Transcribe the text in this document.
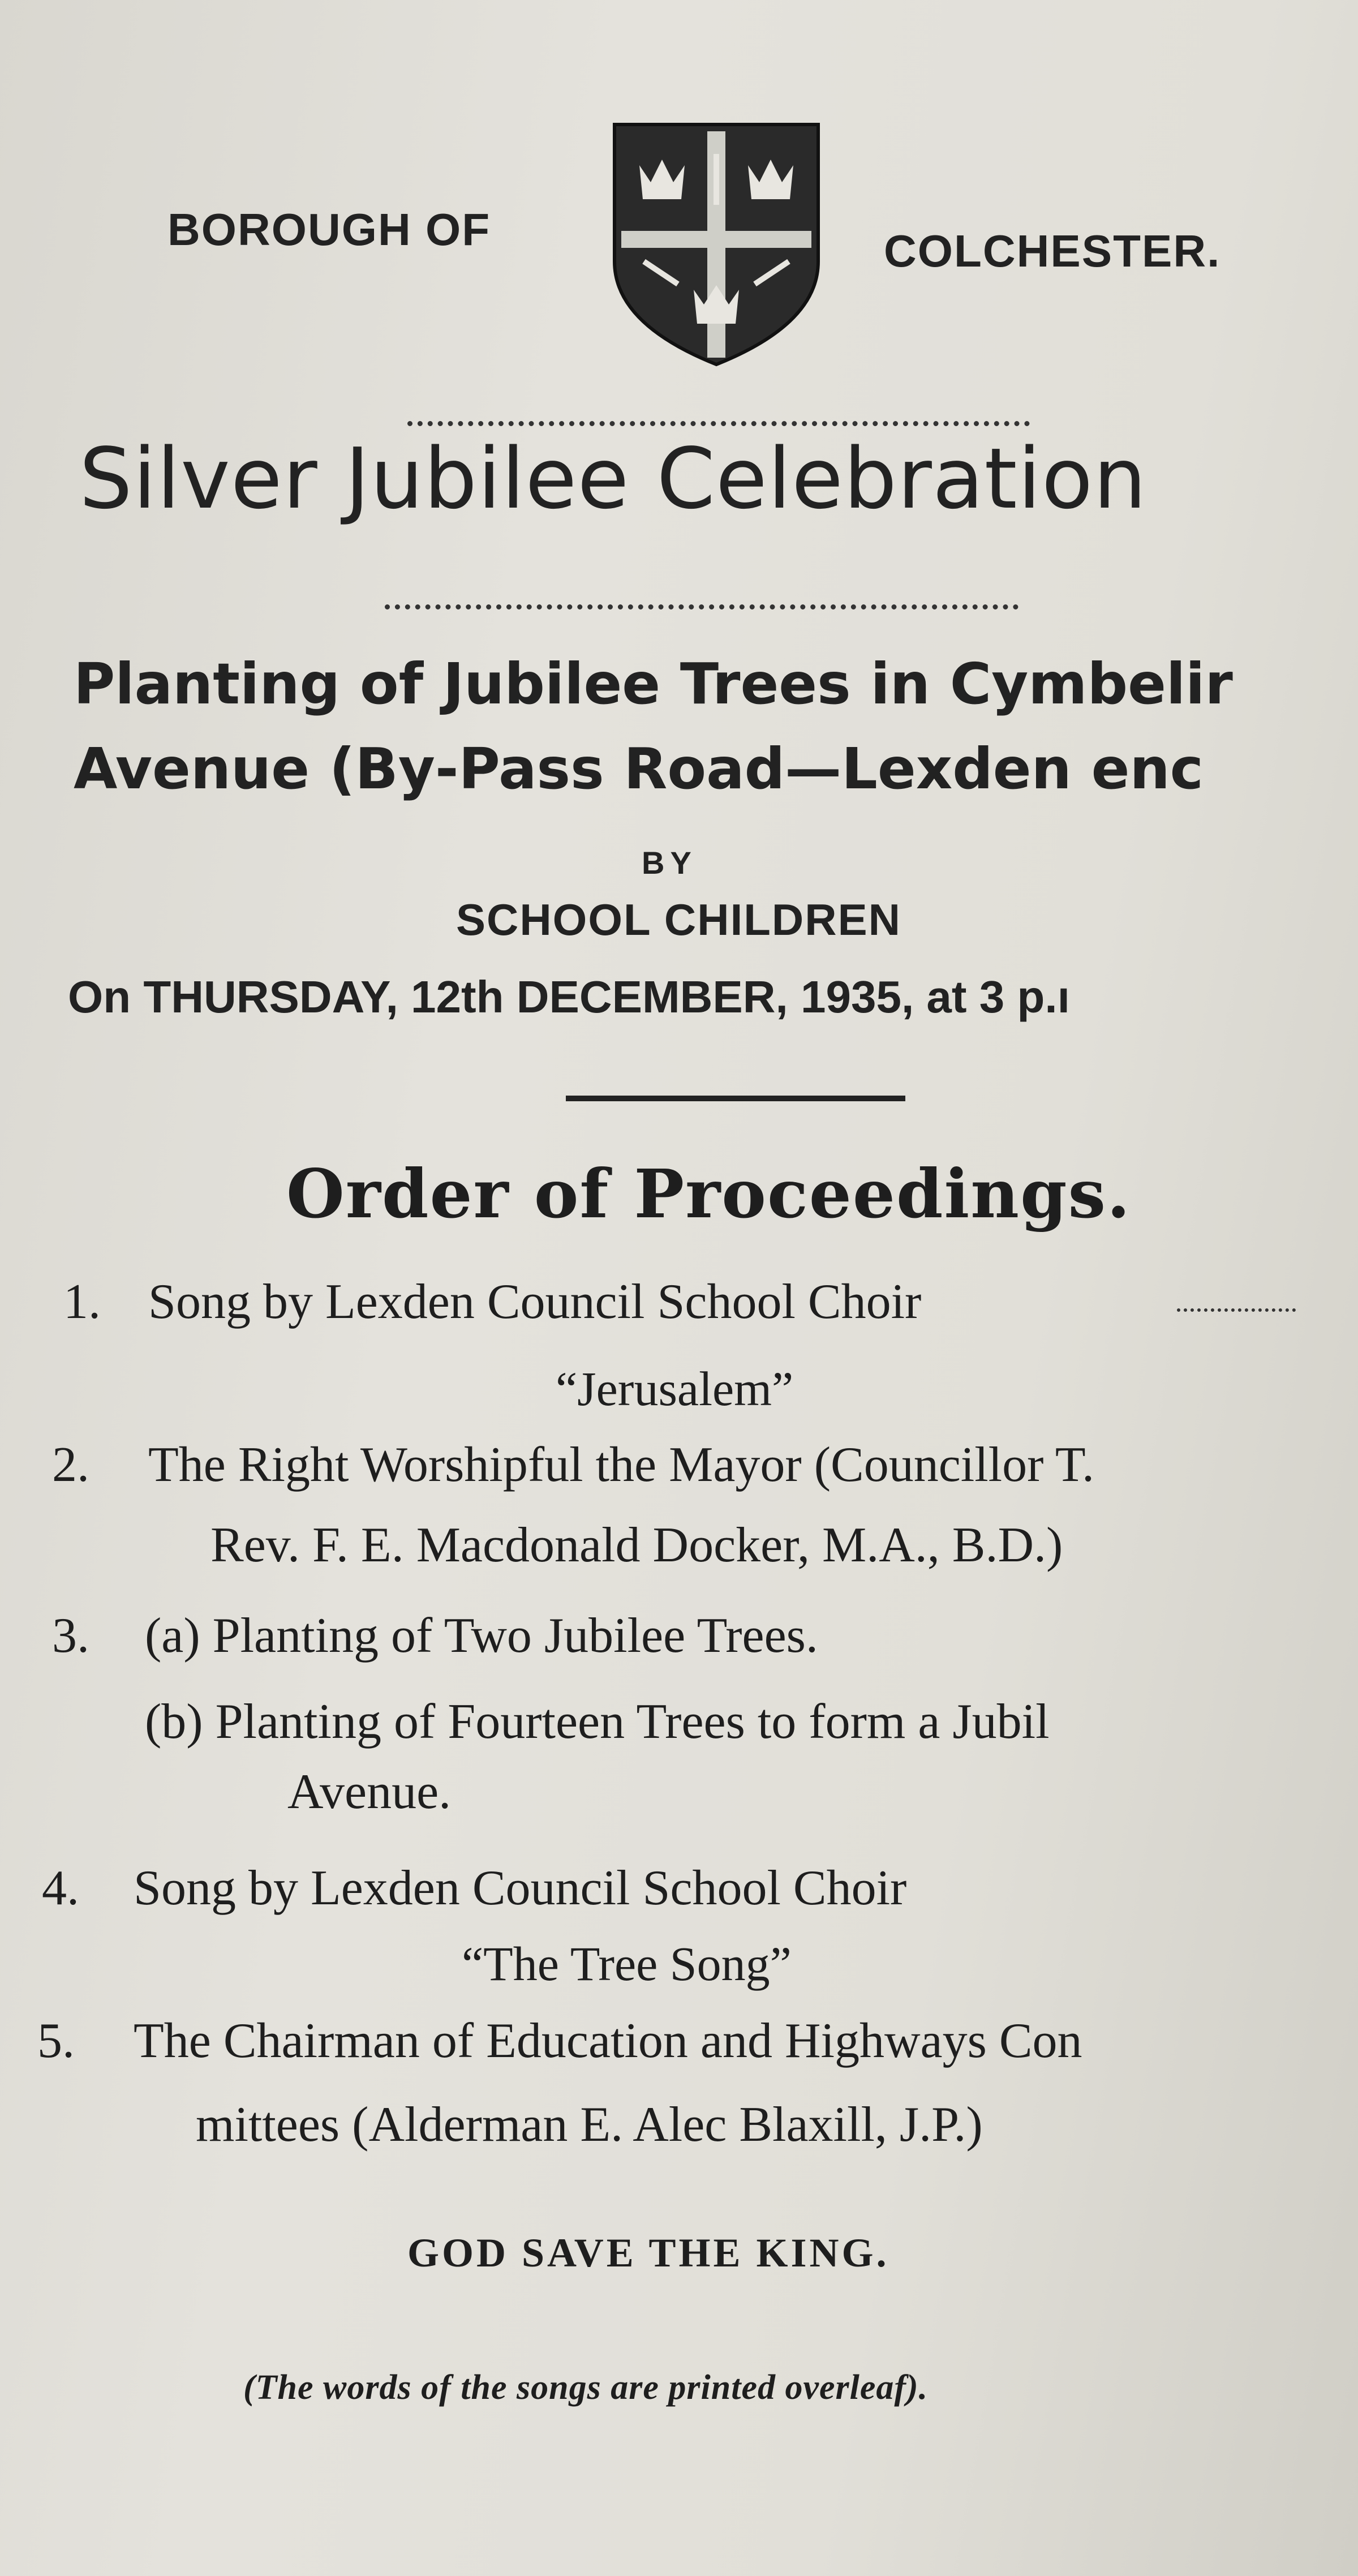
BOROUGH OF	COLCHESTER.
Silver Jubilee Celebration
Planting of Jubilee Trees in Cymbelir
Avenue (By-Pass Road—Lexden enc
BY
SCHOOL CHILDREN
On THURSDAY, 12th DECEMBER, 1935, at 3 p.ı
Order of Proceedings.
1. Song by Lexden Council School Choir
“Jerusalem”
2. The Right Worshipful the Mayor (Councillor T.
Rev. F. E. Macdonald Docker, M.A., B.D.)
3. (a) Planting of Two Jubilee Trees.
(b) Planting of Fourteen Trees to form a Jubil
Avenue.
4. Song by Lexden Council School Choir
“The Tree Song”
5. The Chairman of Education and Highways Con
mittees (Alderman E. Alec Blaxill, J.P.)
GOD SAVE THE KING.
(The words of the songs are printed overleaf).
